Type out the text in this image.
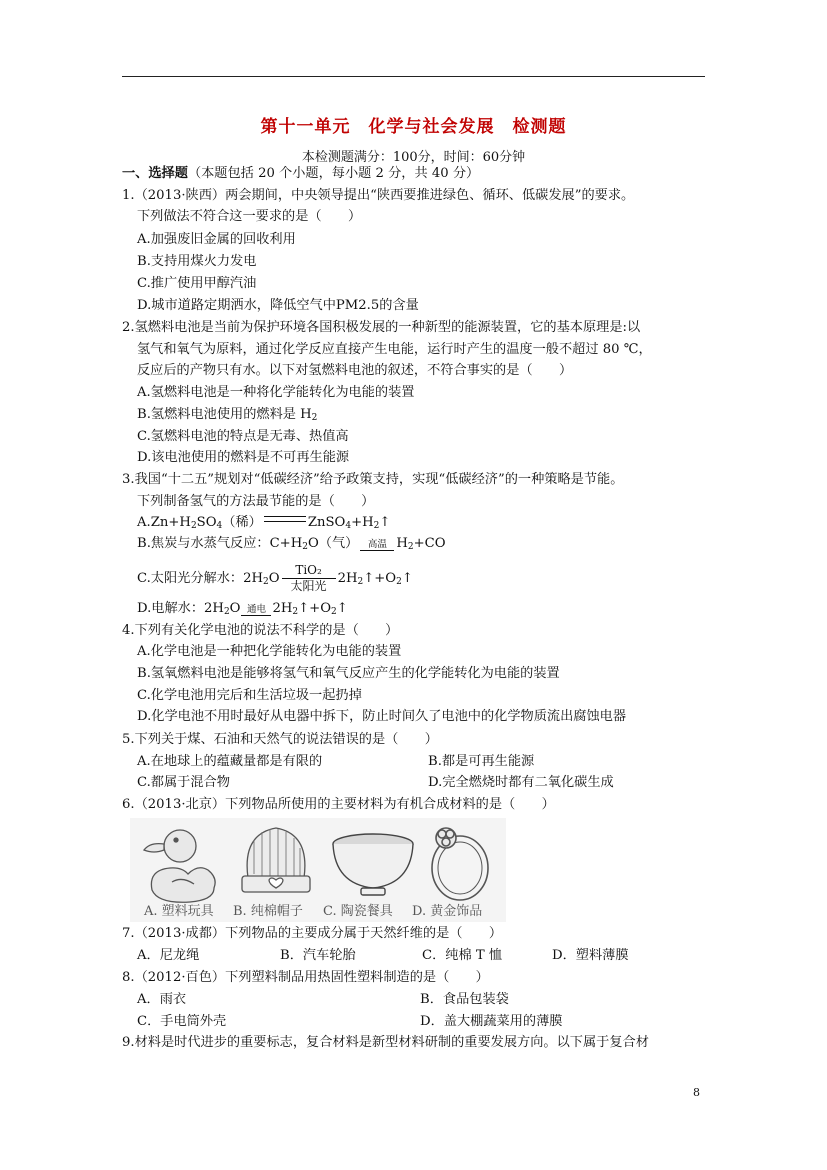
第十一单元　化学与社会发展　检测题
本检测题满分：100分，时间：60分钟
一、选择题（本题包括 20 个小题，每小题 2 分，共 40 分）
1.（2013·陕西）两会期间，中央领导提出“陕西要推进绿色、循环、低碳发展”的要求。
下列做法不符合这一要求的是（　　）
A.加强废旧金属的回收利用
B.支持用煤火力发电
C.推广使用甲醇汽油
D.城市道路定期洒水，降低空气中PM2.5的含量
2.氢燃料电池是当前为保护环境各国积极发展的一种新型的能源装置，它的基本原理是:以
氢气和氧气为原料，通过化学反应直接产生电能，运行时产生的温度一般不超过 80 ℃，
反应后的产物只有水。以下对氢燃料电池的叙述，不符合事实的是（　　）
A.氢燃料电池是一种将化学能转化为电能的装置
B.氢燃料电池使用的燃料是 $H_2$
C.氢燃料电池的特点是无毒、热值高
D.该电池使用的燃料是不可再生能源
3.我国“十二五”规划对“低碳经济”给予政策支持，实现“低碳经济”的一种策略是节能。
下列制备氢气的方法最节能的是（　　）
$A.Zn+H_2SO_4$（稀）	$ZnSO_4+H_2↑$
B.焦炭与水蒸气反应：$C+H_2O$（气） 高温 $H_2+CO$
C.太阳光分解水：$2H_2O \frac{\text{TiO₂}}{\text{太阳光}}$ $2H_2↑+O_2↑$
D.电解水：$2H_2O$ 通电 $2H_2↑+O_2↑$
4.下列有关化学电池的说法不科学的是（　　）
A.化学电池是一种把化学能转化为电能的装置
B.氢氧燃料电池是能够将氢气和氧气反应产生的化学能转化为电能的装置
C.化学电池用完后和生活垃圾一起扔掉
D.化学电池不用时最好从电器中拆下，防止时间久了电池中的化学物质流出腐蚀电器
5.下列关于煤、石油和天然气的说法错误的是（　　）
A.在地球上的蕴藏量都是有限的	B.都是可再生能源
C.都属于混合物	D.完全燃烧时都有二氧化碳生成
6.（2013·北京）下列物品所使用的主要材料为有机合成材料的是（　　）
A. 塑料玩具 B. 纯棉帽子 C. 陶瓷餐具 D. 黄金饰品
7.（2013·成都）下列物品的主要成分属于天然纤维的是（　　）
A．尼龙绳	B．汽车轮胎	C．纯棉 T 恤	D．塑料薄膜
8.（2012·百色）下列塑料制品用热固性塑料制造的是（　　）
A．雨衣	B．食品包装袋
C．手电筒外壳	D．盖大棚蔬菜用的薄膜
9.材料是时代进步的重要标志，复合材料是新型材料研制的重要发展方向。以下属于复合材
8
